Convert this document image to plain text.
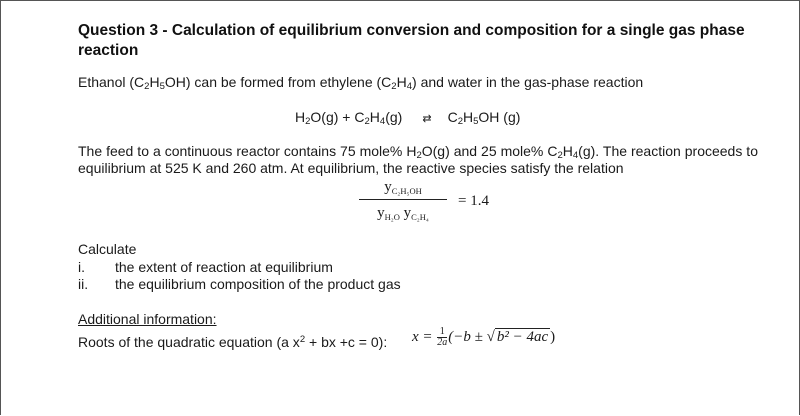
Question 3 - Calculation of equilibrium conversion and composition for a single gas phase reaction
Ethanol $(C_2H_5OH)$ can be formed from ethylene $(C_2H_4)$ and water in the gas-phase reaction
$H_2O(g) + C_2H_4(g)$ ⇄ $C_2H_5OH$ (g)
The feed to a continuous reactor contains 75 mole% $H_2O(g)$ and 25 mole% $C_2H_4(g)$. The reaction proceeds to equilibrium at 525 K and 260 atm. At equilibrium, the reactive species satisfy the relation
$y_{C_2H_5OH}$
$y_{H_2O}$ $y_{C_2H_4}$
= 1.4
Calculate
i. the extent of reaction at equilibrium
ii. the equilibrium composition of the product gas
Additional information:
Roots of the quadratic equation (a $x^2$ + bx +c = 0): $x = \frac{1}{2a} (-b$ ± √ b² − 4ac )
